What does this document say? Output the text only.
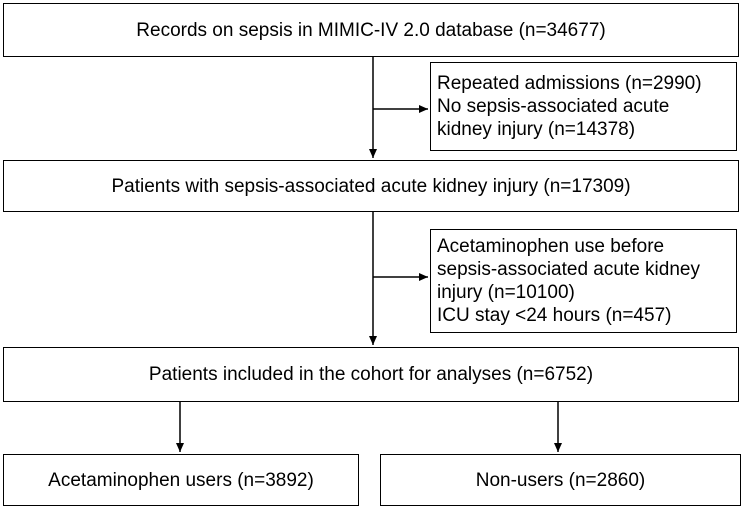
Records on sepsis in MIMIC-IV 2.0 database (n=34677)
Repeated admissions (n=2990)
No sepsis-associated acute
kidney injury (n=14378)
Patients with sepsis-associated acute kidney injury (n=17309)
Acetaminophen use before
sepsis-associated acute kidney
injury (n=10100)
ICU stay <24 hours (n=457)
Patients included in the cohort for analyses (n=6752)
Acetaminophen users (n=3892)	Non-users (n=2860)
